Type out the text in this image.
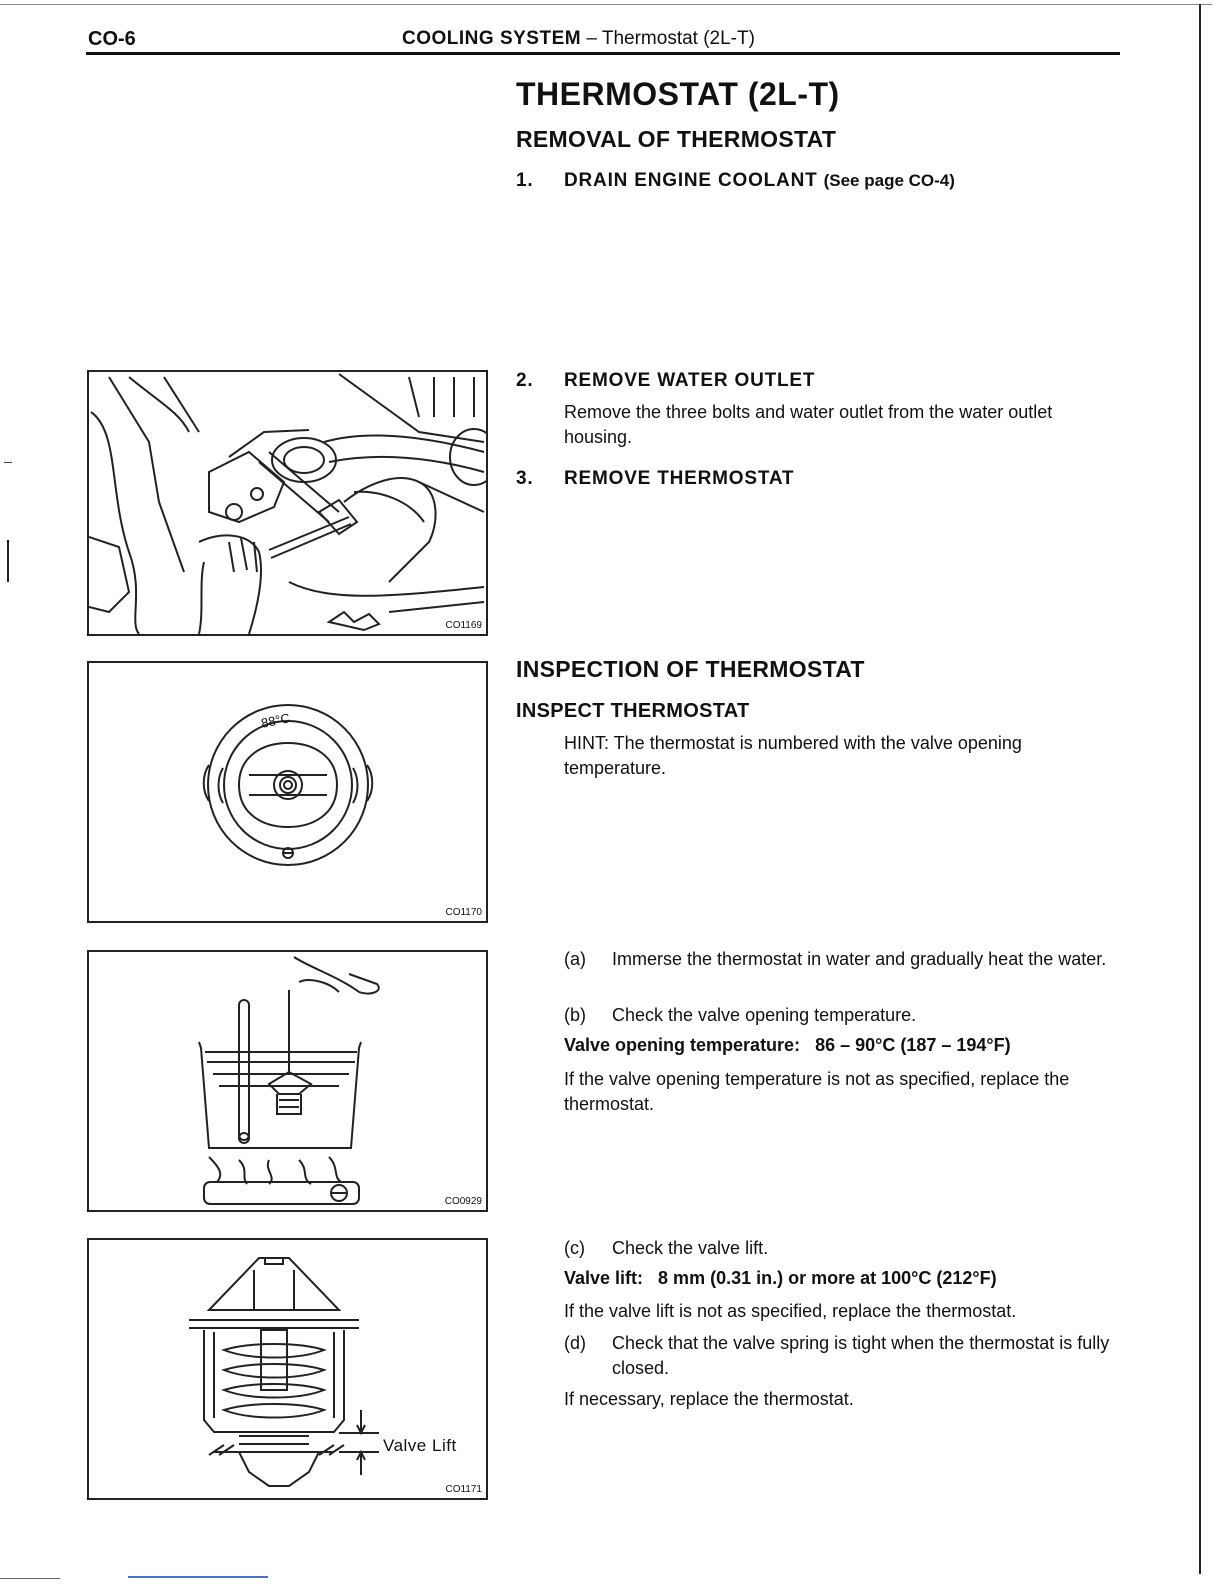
CO-6	COOLING SYSTEM – Thermostat (2L-T)
THERMOSTAT (2L-T)
REMOVAL OF THERMOSTAT
1. DRAIN ENGINE COOLANT (See page CO-4)
2. REMOVE WATER OUTLET
Remove the three bolts and water outlet from the water outlet housing.
3. REMOVE THERMOSTAT
INSPECTION OF THERMOSTAT
INSPECT THERMOSTAT
HINT: The thermostat is numbered with the valve opening temperature.
(a) Immerse the thermostat in water and gradually heat the water.
(b) Check the valve opening temperature.
Valve opening temperature: 86 – 90°C (187 – 194°F)
If the valve opening temperature is not as specified, replace the thermostat.
(c) Check the valve lift.
Valve lift: 8 mm (0.31 in.) or more at 100°C (212°F)
If the valve lift is not as specified, replace the thermostat.
(d) Check that the valve spring is tight when the thermostat is fully closed.
If necessary, replace the thermostat.
CO1169
88°C
CO1170
CO0929
Valve Lift
CO1171
